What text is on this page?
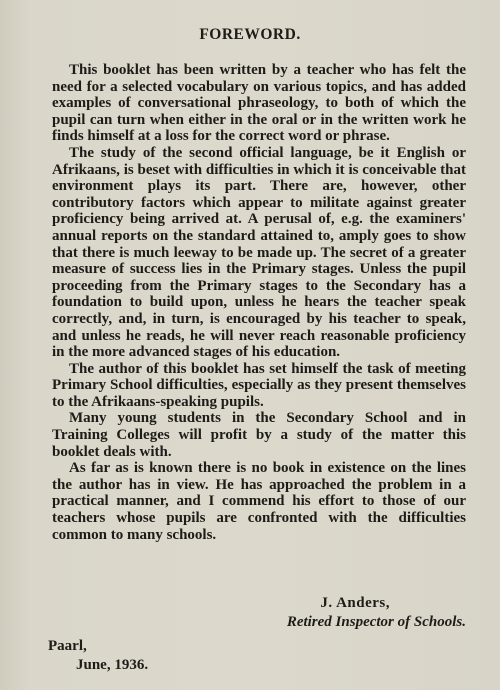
FOREWORD.

This booklet has been written by a teacher who has felt the need for a selected vocabulary on various topics, and has added examples of conversational phraseology, to both of which the pupil can turn when either in the oral or in the written work he finds himself at a loss for the correct word or phrase.

The study of the second official language, be it English or Afrikaans, is beset with difficulties in which it is conceivable that environment plays its part. There are, however, other contributory factors which appear to militate against greater proficiency being arrived at. A perusal of, e.g. the examiners' annual reports on the standard attained to, amply goes to show that there is much leeway to be made up. The secret of a greater measure of success lies in the Primary stages. Unless the pupil proceeding from the Primary stages to the Secondary has a foundation to build upon, unless he hears the teacher speak correctly, and, in turn, is encouraged by his teacher to speak, and unless he reads, he will never reach reasonable proficiency in the more advanced stages of his education.

The author of this booklet has set himself the task of meeting Primary School difficulties, especially as they present themselves to the Afrikaans-speaking pupils.

Many young students in the Secondary School and in Training Colleges will profit by a study of the matter this booklet deals with.

As far as is known there is no book in existence on the lines the author has in view. He has approached the problem in a practical manner, and I commend his effort to those of our teachers whose pupils are confronted with the difficulties common to many schools.

J. Anders,
Retired Inspector of Schools.
Paarl,
June, 1936.
